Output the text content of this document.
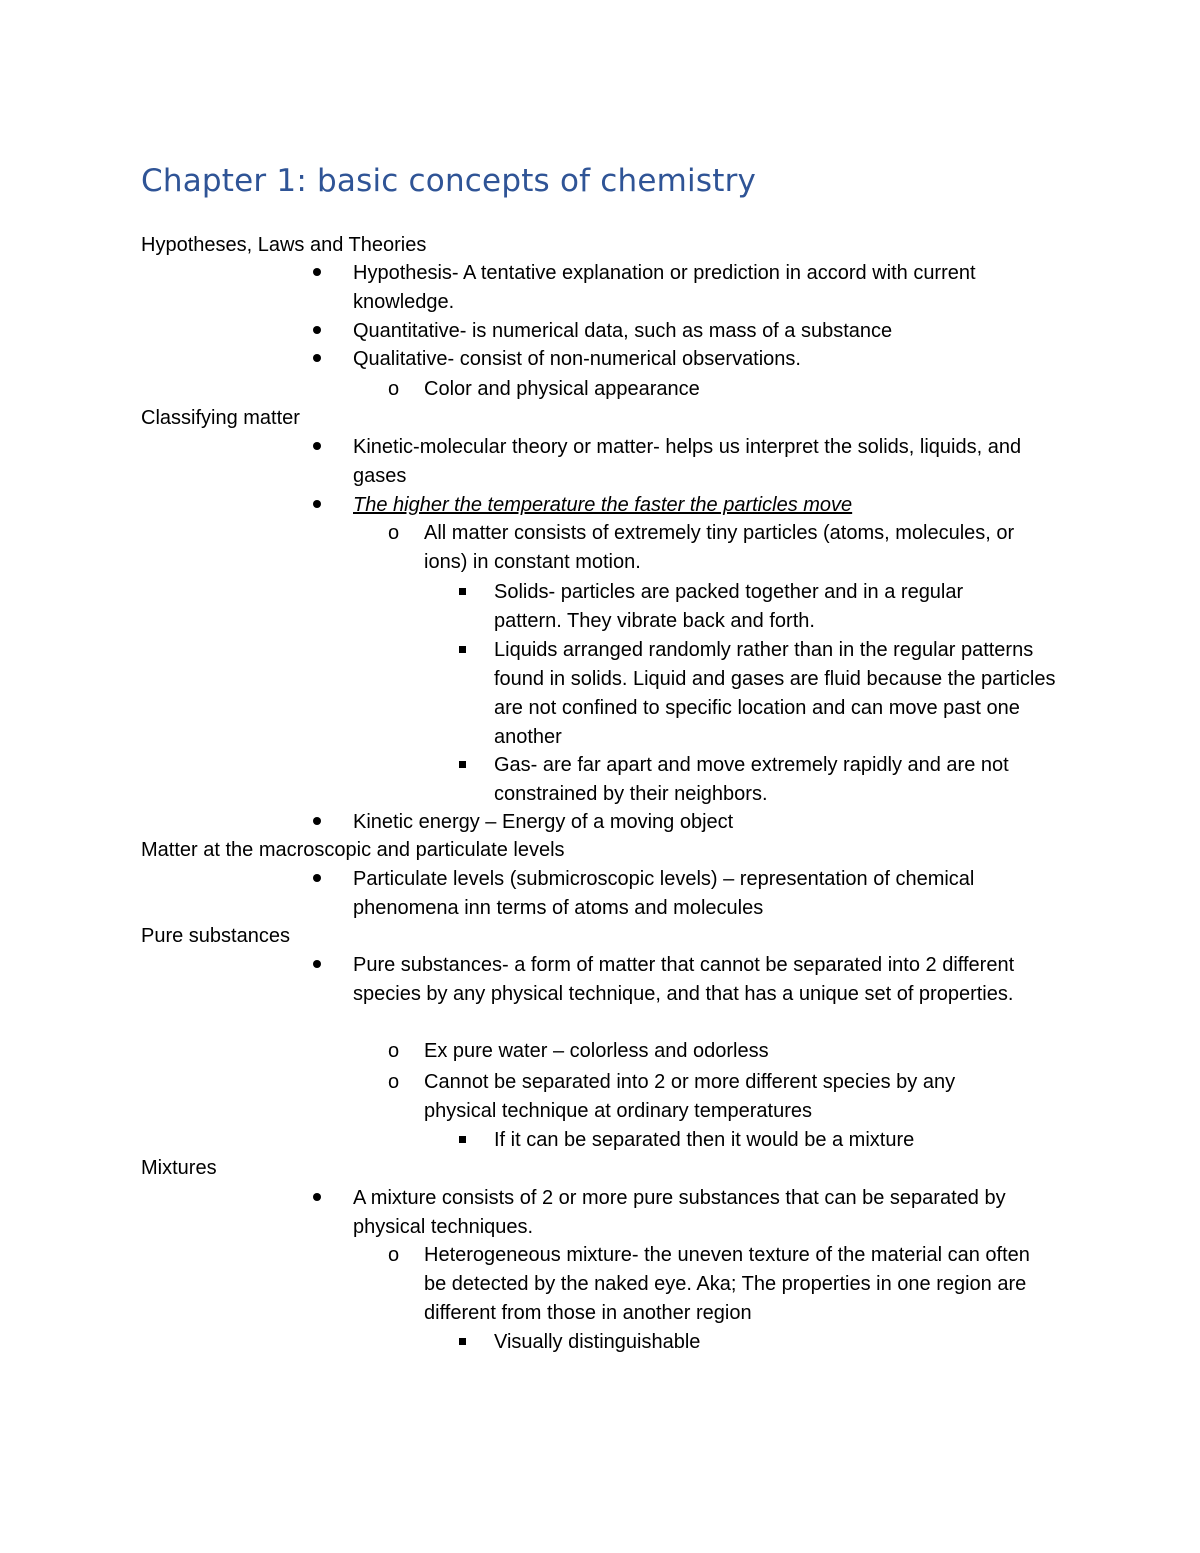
Chapter 1: basic concepts of chemistry
Hypotheses, Laws and Theories
Hypothesis- A tentative explanation or prediction in accord with current knowledge.
Quantitative- is numerical data, such as mass of a substance
Qualitative- consist of non-numerical observations.
o Color and physical appearance
Classifying matter
Kinetic-molecular theory or matter- helps us interpret the solids, liquids, and gases
The higher the temperature the faster the particles move
o All matter consists of extremely tiny particles (atoms, molecules, or ions) in constant motion.
Solids- particles are packed together and in a regular pattern. They vibrate back and forth.
Liquids arranged randomly rather than in the regular patterns found in solids. Liquid and gases are fluid because the particles are not confined to specific location and can move past one another
Gas- are far apart and move extremely rapidly and are not constrained by their neighbors.
Kinetic energy – Energy of a moving object
Matter at the macroscopic and particulate levels
Particulate levels (submicroscopic levels) – representation of chemical phenomena inn terms of atoms and molecules
Pure substances
Pure substances- a form of matter that cannot be separated into 2 different species by any physical technique, and that has a unique set of properties.
o Ex pure water – colorless and odorless
o Cannot be separated into 2 or more different species by any physical technique at ordinary temperatures
If it can be separated then it would be a mixture
Mixtures
A mixture consists of 2 or more pure substances that can be separated by physical techniques.
o Heterogeneous mixture- the uneven texture of the material can often be detected by the naked eye. Aka; The properties in one region are different from those in another region
Visually distinguishable
